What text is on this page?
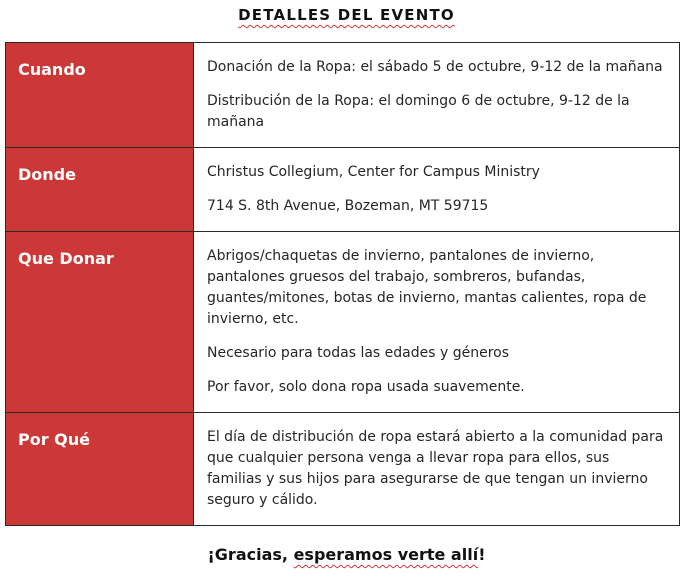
DETALLES DEL EVENTO
Cuando	Donación de la Ropa: el sábado 5 de octubre, 9-12 de la mañana

Distribución de la Ropa: el domingo 6 de octubre, 9-12 de la mañana

Donde	Christus Collegium, Center for Campus Ministry

714 S. 8th Avenue, Bozeman, MT 59715

Que Donar	Abrigos/chaquetas de invierno, pantalones de invierno, pantalones gruesos del trabajo, sombreros, bufandas, guantes/mitones, botas de invierno, mantas calientes, ropa de invierno, etc.

Necesario para todas las edades y géneros

Por favor, solo dona ropa usada suavemente.

Por Qué	El día de distribución de ropa estará abierto a la comunidad para que cualquier persona venga a llevar ropa para ellos, sus familias y sus hijos para asegurarse de que tengan un invierno seguro y cálido.

¡Gracias, esperamos verte allí!
